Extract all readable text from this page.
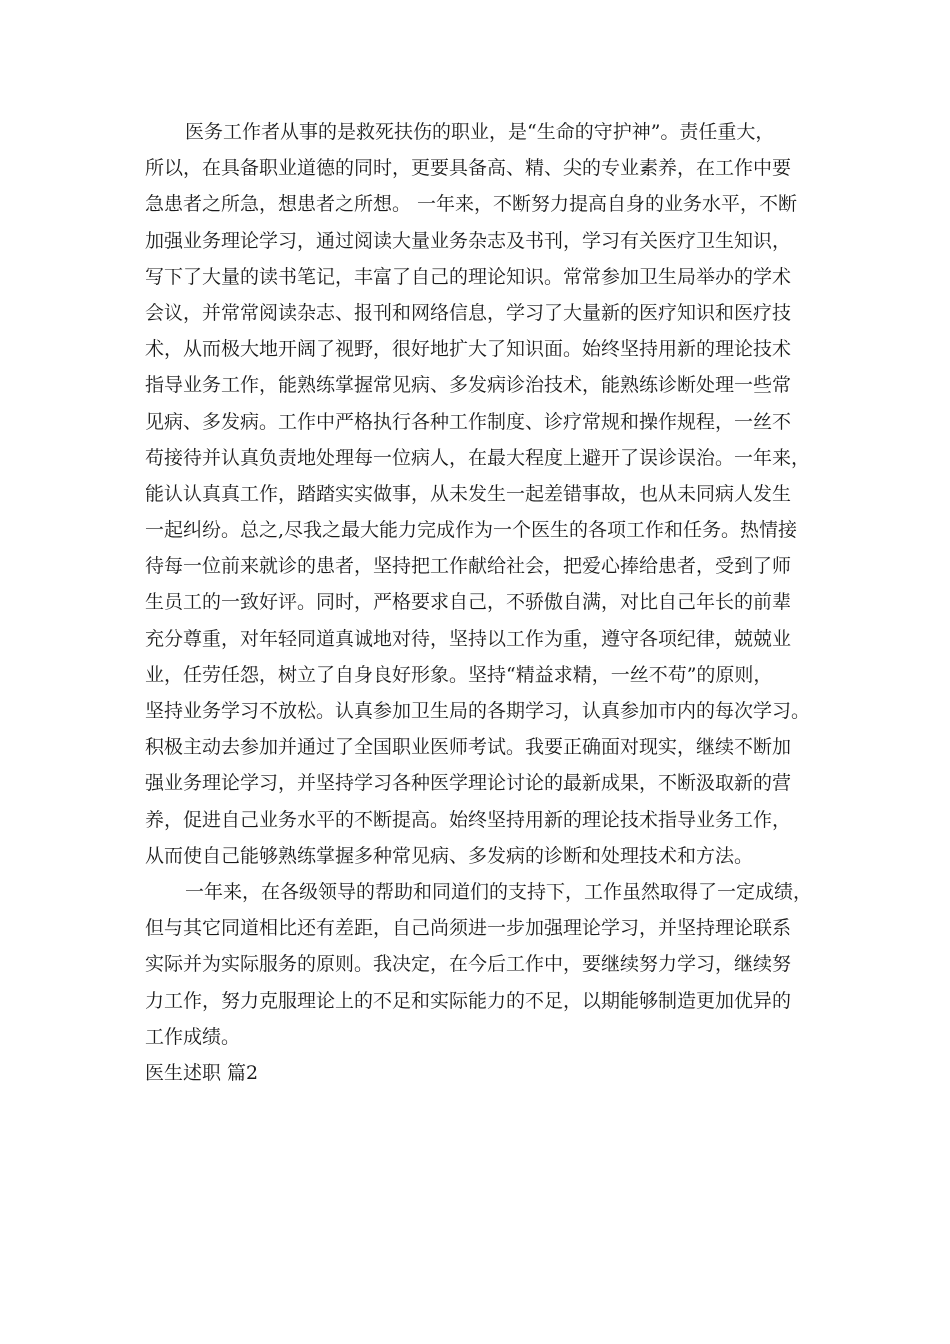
医务工作者从事的是救死扶伤的职业，是“生命的守护神”。责任重大，
所以，在具备职业道德的同时，更要具备高、精、尖的专业素养，在工作中要
急患者之所急，想患者之所想。 一年来，不断努力提高自身的业务水平，不断
加强业务理论学习，通过阅读大量业务杂志及书刊，学习有关医疗卫生知识，
写下了大量的读书笔记，丰富了自己的理论知识。常常参加卫生局举办的学术
会议，并常常阅读杂志、报刊和网络信息，学习了大量新的医疗知识和医疗技
术，从而极大地开阔了视野，很好地扩大了知识面。始终坚持用新的理论技术
指导业务工作，能熟练掌握常见病、多发病诊治技术，能熟练诊断处理一些常
见病、多发病。工作中严格执行各种工作制度、诊疗常规和操作规程，一丝不
苟接待并认真负责地处理每一位病人，在最大程度上避开了误诊误治。一年来，
能认认真真工作，踏踏实实做事，从未发生一起差错事故，也从未同病人发生
一起纠纷。总之,尽我之最大能力完成作为一个医生的各项工作和任务。热情接
待每一位前来就诊的患者，坚持把工作献给社会，把爱心捧给患者，受到了师
生员工的一致好评。同时，严格要求自己，不骄傲自满，对比自己年长的前辈
充分尊重，对年轻同道真诚地对待，坚持以工作为重，遵守各项纪律，兢兢业
业，任劳任怨，树立了自身良好形象。坚持“精益求精，一丝不苟”的原则，
坚持业务学习不放松。认真参加卫生局的各期学习，认真参加市内的每次学习。
积极主动去参加并通过了全国职业医师考试。我要正确面对现实，继续不断加
强业务理论学习，并坚持学习各种医学理论讨论的最新成果，不断汲取新的营
养，促进自己业务水平的不断提高。始终坚持用新的理论技术指导业务工作，
从而使自己能够熟练掌握多种常见病、多发病的诊断和处理技术和方法。
一年来，在各级领导的帮助和同道们的支持下，工作虽然取得了一定成绩，
但与其它同道相比还有差距，自己尚须进一步加强理论学习，并坚持理论联系
实际并为实际服务的原则。我决定，在今后工作中，要继续努力学习，继续努
力工作，努力克服理论上的不足和实际能力的不足，以期能够制造更加优异的
工作成绩。
医生述职 篇2
